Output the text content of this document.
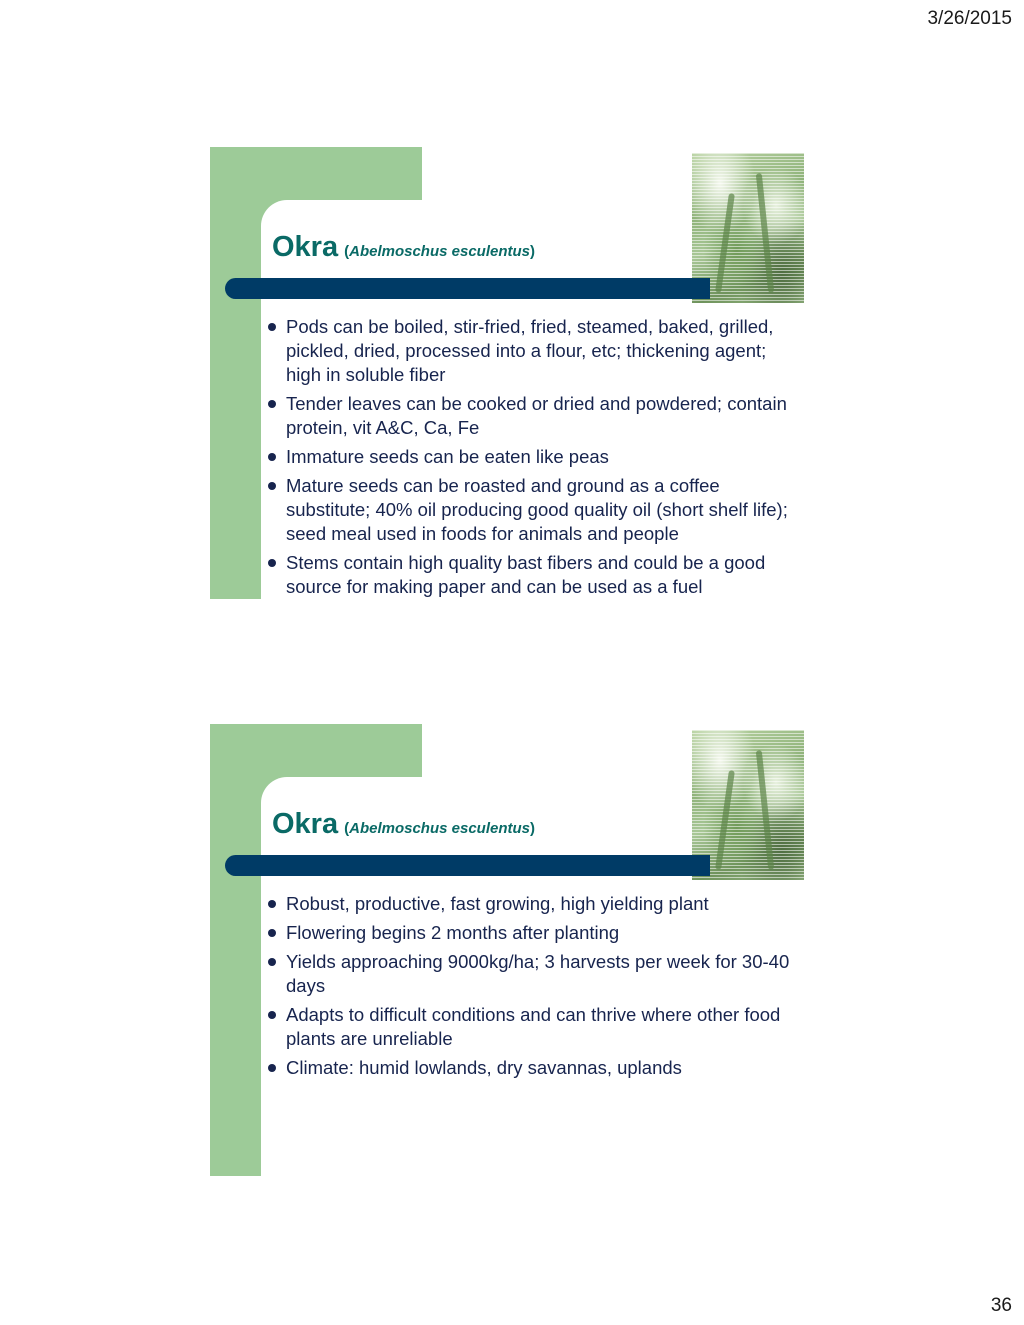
3/26/2015
Okra (Abelmoschus esculentus)
Pods can be boiled, stir-fried, fried, steamed, baked, grilled, pickled, dried, processed into a flour, etc; thickening agent; high in soluble fiber
Tender leaves can be cooked or dried and powdered; contain protein, vit A&C, Ca, Fe
Immature seeds can be eaten like peas
Mature seeds can be roasted and ground as a coffee substitute; 40% oil producing good quality oil (short shelf life); seed meal used in foods for animals and people
Stems contain high quality bast fibers and could be a good source for making paper and can be used as a fuel
Okra (Abelmoschus esculentus)
Robust, productive, fast growing, high yielding plant
Flowering begins 2 months after planting
Yields approaching 9000kg/ha; 3 harvests per week for 30-40 days
Adapts to difficult conditions and can thrive where other food plants are unreliable
Climate: humid lowlands, dry savannas, uplands
36
